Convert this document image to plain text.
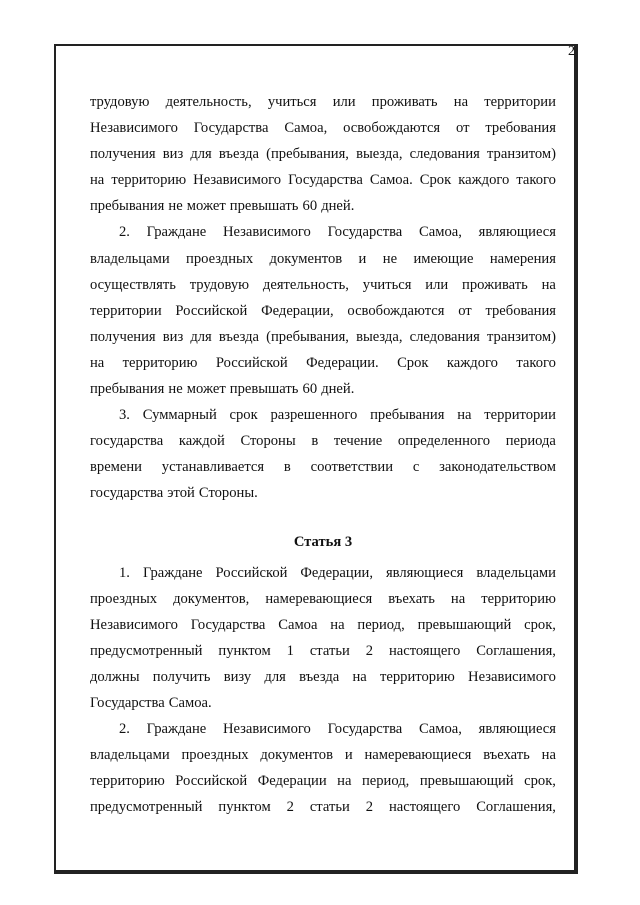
2
трудовую деятельность, учиться или проживать на территории
Независимого Государства Самоа, освобождаются от требования
получения виз для въезда (пребывания, выезда, следования транзитом)
на территорию Независимого Государства Самоа. Срок каждого такого
пребывания не может превышать 60 дней.
2. Граждане Независимого Государства Самоа, являющиеся
владельцами проездных документов и не имеющие намерения
осуществлять трудовую деятельность, учиться или проживать на
территории Российской Федерации, освобождаются от требования
получения виз для въезда (пребывания, выезда, следования транзитом)
на территорию Российской Федерации. Срок каждого такого
пребывания не может превышать 60 дней.
3. Суммарный срок разрешенного пребывания на территории
государства каждой Стороны в течение определенного периода
времени устанавливается в соответствии с законодательством
государства этой Стороны.
Статья 3
1. Граждане Российской Федерации, являющиеся владельцами
проездных документов, намеревающиеся въехать на территорию
Независимого Государства Самоа на период, превышающий срок,
предусмотренный пунктом 1 статьи 2 настоящего Соглашения,
должны получить визу для въезда на территорию Независимого
Государства Самоа.
2. Граждане Независимого Государства Самоа, являющиеся
владельцами проездных документов и намеревающиеся въехать на
территорию Российской Федерации на период, превышающий срок,
предусмотренный пунктом 2 статьи 2 настоящего Соглашения,
